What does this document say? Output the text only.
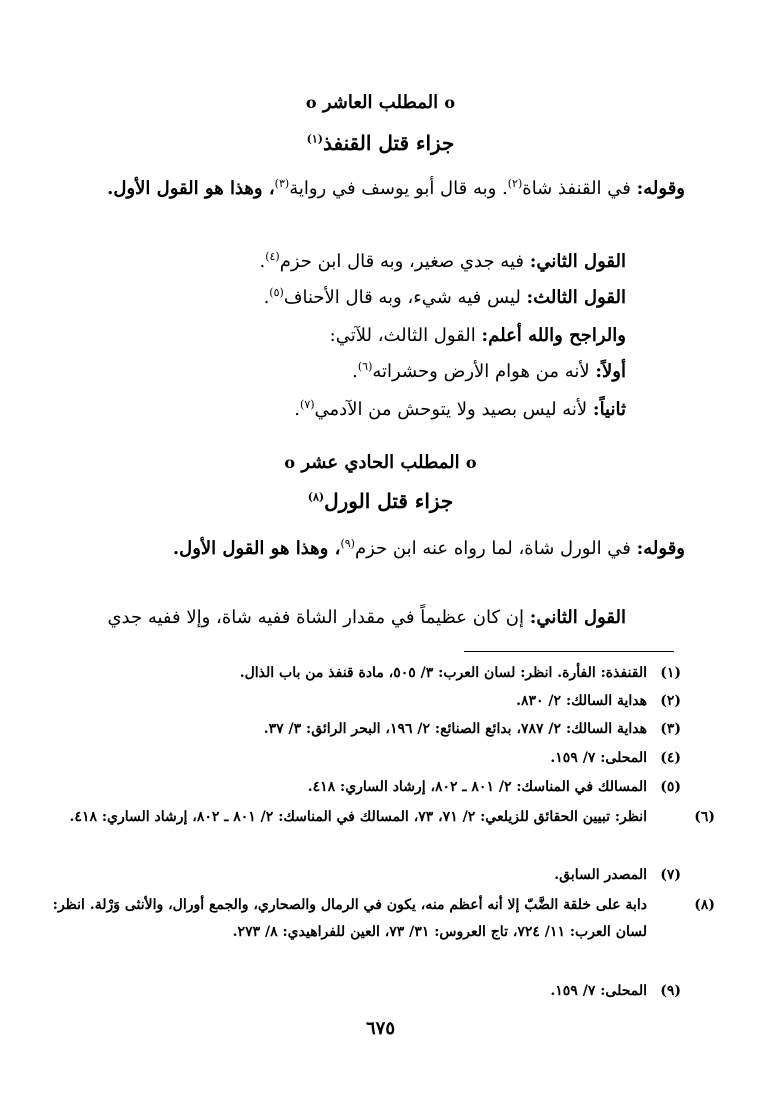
ο المطلب العاشر ο
جزاء قتل القنفذ$^{(١)}$
وقوله: في القنفذ شاة$^{(٢)}$. وبه قال أبو يوسف في رواية$^{(٣)}$، وهذا هو القول الأول.
القول الثاني: فيه جدي صغير، وبه قال ابن حزم$^{(٤)}$.
القول الثالث: ليس فيه شيء، وبه قال الأحناف$^{(٥)}$.
والراجح والله أعلم: القول الثالث، للآتي:
أولاً: لأنه من هوام الأرض وحشراته$^{(٦)}$.
ثانياً: لأنه ليس بصيد ولا يتوحش من الآدمي$^{(٧)}$.
ο المطلب الحادي عشر ο
جزاء قتل الورل$^{(٨)}$
وقوله: في الورل شاة، لما رواه عنه ابن حزم$^{(٩)}$، وهذا هو القول الأول.
القول الثاني: إن كان عظيماً في مقدار الشاة ففيه شاة، وإلا ففيه جدي
(١)القنفذة: الفأرة. انظر: لسان العرب: ٣/ ٥٠٥، مادة قنفذ من باب الذال.
(٢)هداية السالك: ٢/ ٨٣٠.
(٣)هداية السالك: ٢/ ٧٨٧، بدائع الصنائع: ٢/ ١٩٦، البحر الرائق: ٣/ ٣٧.
(٤)المحلى: ٧/ ١٥٩.
(٥)المسالك في المناسك: ٢/ ٨٠١ ـ ٨٠٢، إرشاد الساري: ٤١٨.
(٦)انظر: تبيين الحقائق للزيلعي: ٢/ ٧١، ٧٣، المسالك في المناسك: ٢/ ٨٠١ ـ ٨٠٢، إرشاد الساري: ٤١٨.
(٧)المصدر السابق.
(٨)دابة على خلقة الضَّبّ إلا أنه أعظم منه، يكون في الرمال والصحاري، والجمع أورال، والأنثى وَرْلة. انظر: لسان العرب: ١١/ ٧٢٤، تاج العروس: ٣١/ ٧٣، العين للفراهيدي: ٨/ ٢٧٣.
(٩)المحلى: ٧/ ١٥٩.
٦٧٥
